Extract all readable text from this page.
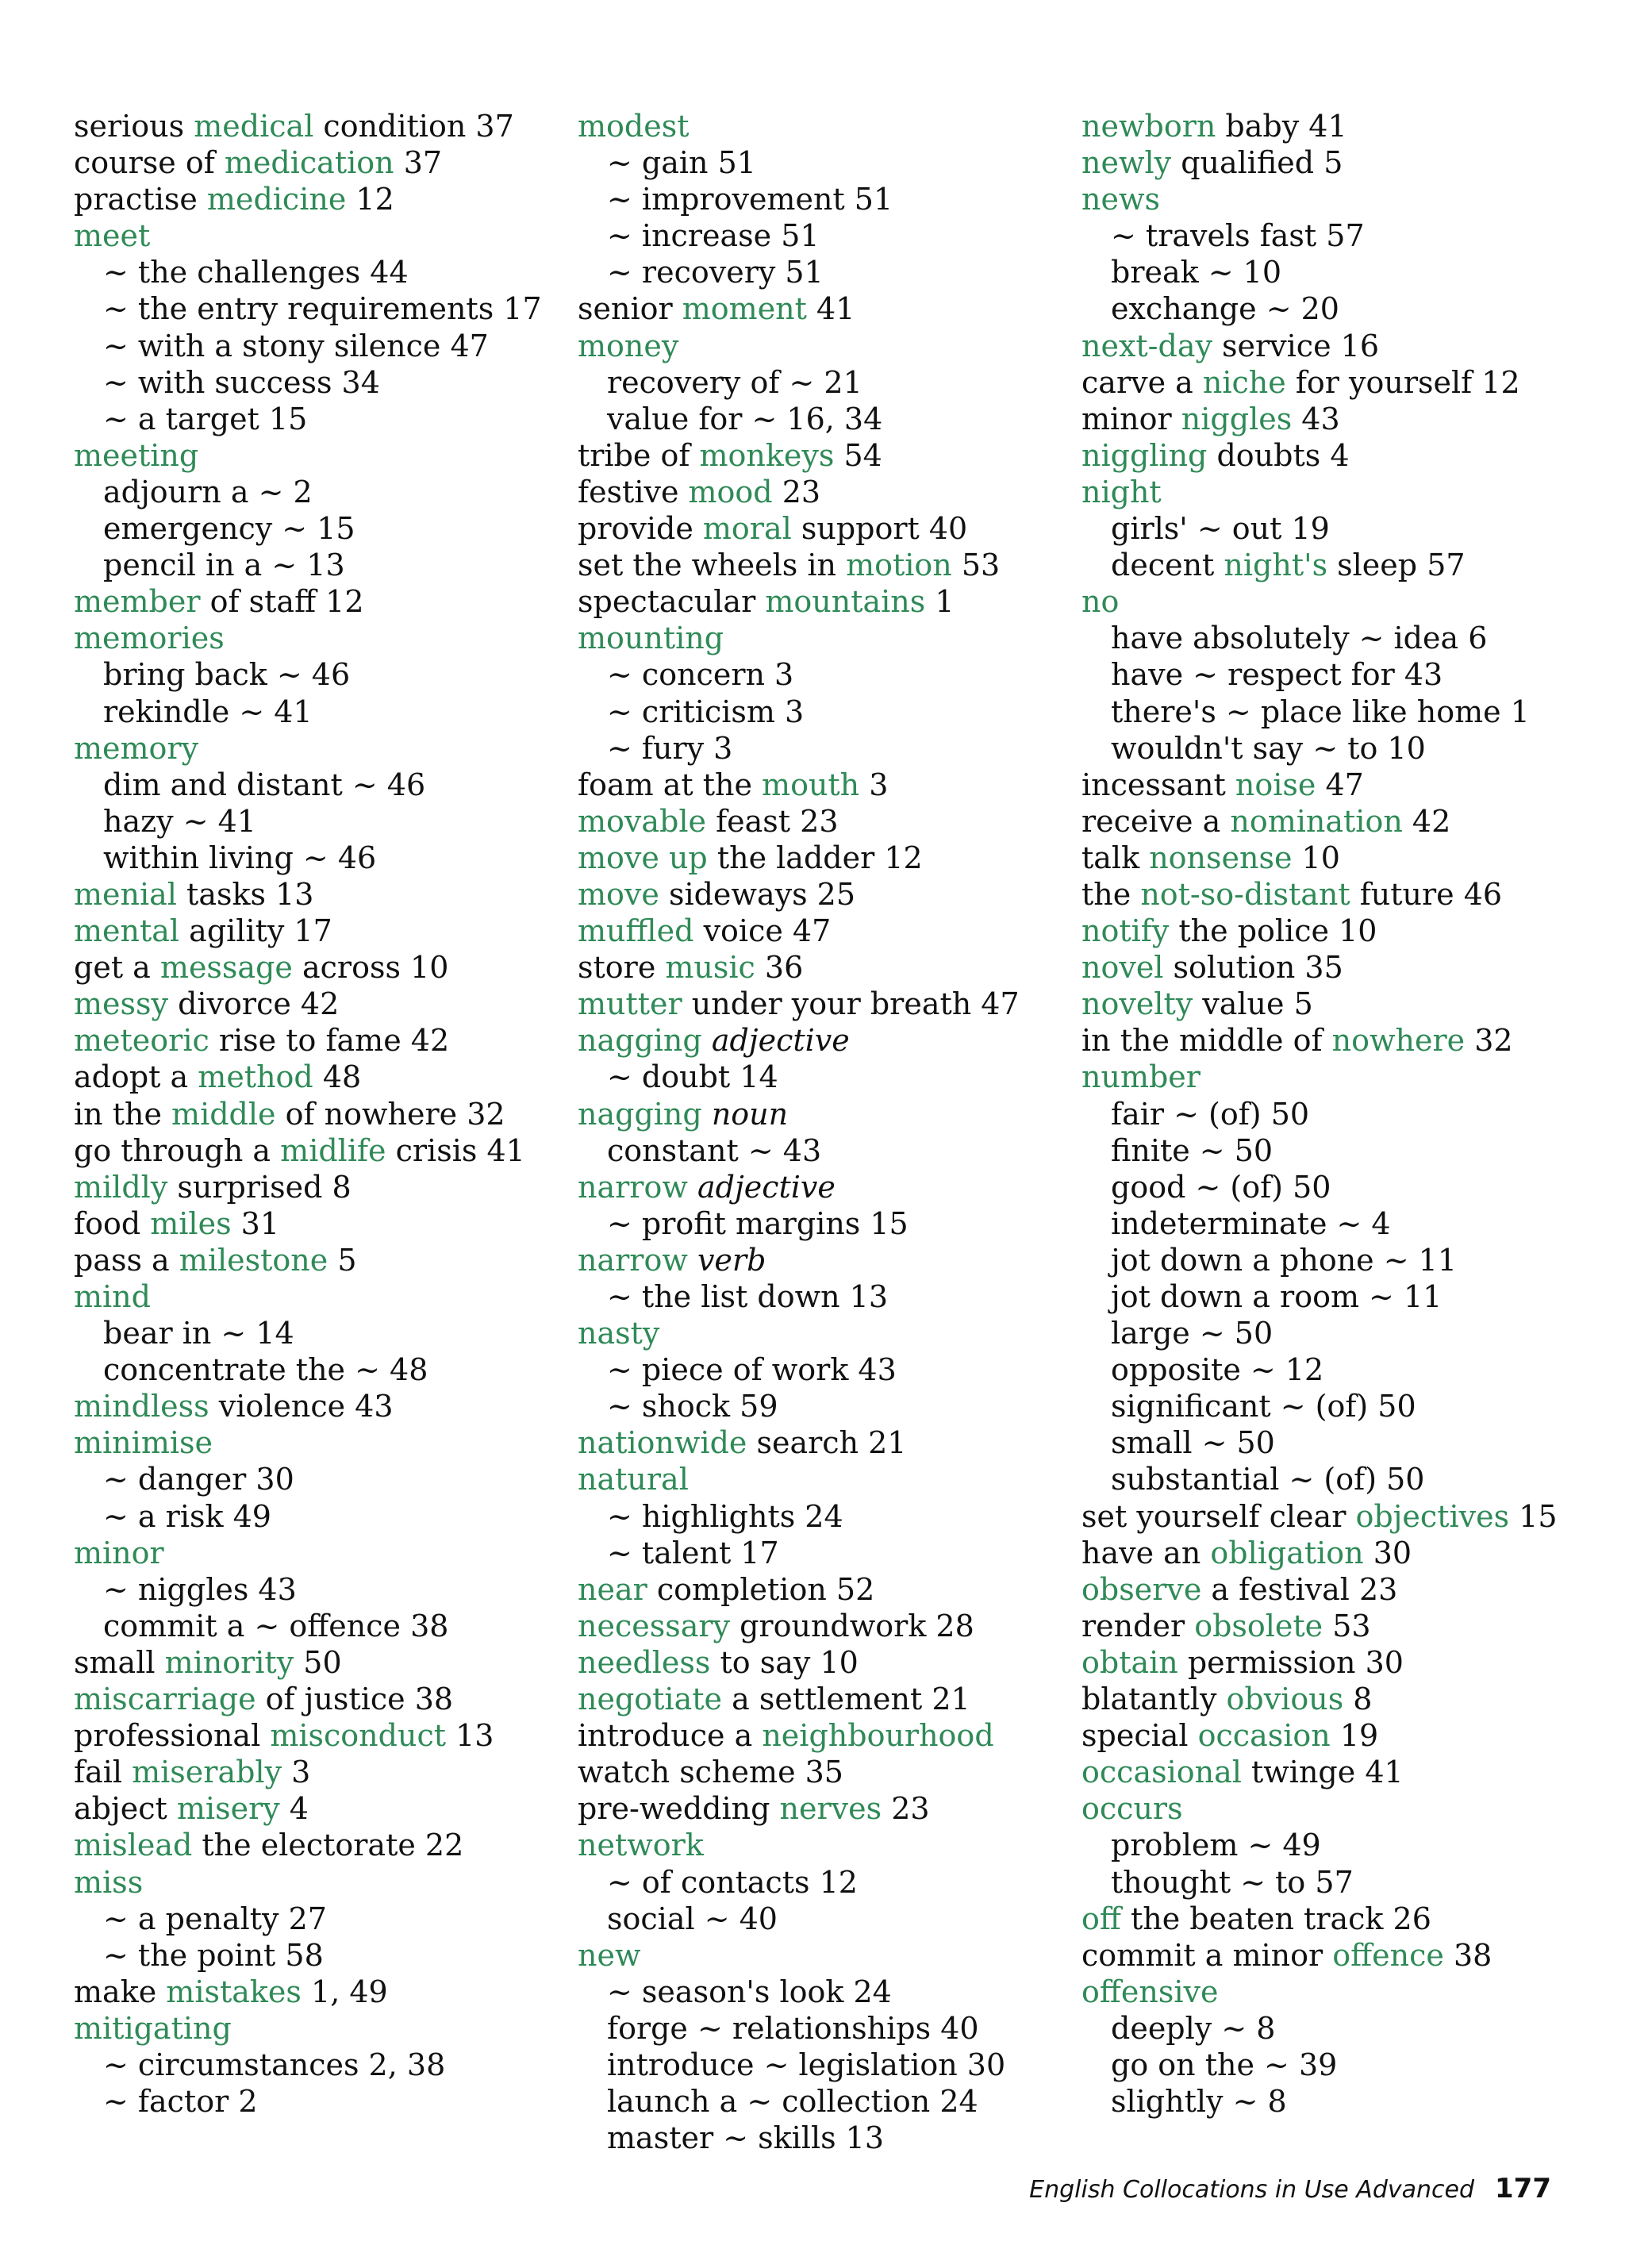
serious medical condition 37
course of medication 37
practise medicine 12
meet
~ the challenges 44
~ the entry requirements 17
~ with a stony silence 47
~ with success 34
~ a target 15
meeting
adjourn a ~ 2
emergency ~ 15
pencil in a ~ 13
member of staff 12
memories
bring back ~ 46
rekindle ~ 41
memory
dim and distant ~ 46
hazy ~ 41
within living ~ 46
menial tasks 13
mental agility 17
get a message across 10
messy divorce 42
meteoric rise to fame 42
adopt a method 48
in the middle of nowhere 32
go through a midlife crisis 41
mildly surprised 8
food miles 31
pass a milestone 5
mind
bear in ~ 14
concentrate the ~ 48
mindless violence 43
minimise
~ danger 30
~ a risk 49
minor
~ niggles 43
commit a ~ offence 38
small minority 50
miscarriage of justice 38
professional misconduct 13
fail miserably 3
abject misery 4
mislead the electorate 22
miss
~ a penalty 27
~ the point 58
make mistakes 1, 49
mitigating
~ circumstances 2, 38
~ factor 2
modest
~ gain 51
~ improvement 51
~ increase 51
~ recovery 51
senior moment 41
money
recovery of ~ 21
value for ~ 16, 34
tribe of monkeys 54
festive mood 23
provide moral support 40
set the wheels in motion 53
spectacular mountains 1
mounting
~ concern 3
~ criticism 3
~ fury 3
foam at the mouth 3
movable feast 23
move up the ladder 12
move sideways 25
muffled voice 47
store music 36
mutter under your breath 47
nagging adjective
~ doubt 14
nagging noun
constant ~ 43
narrow adjective
~ profit margins 15
narrow verb
~ the list down 13
nasty
~ piece of work 43
~ shock 59
nationwide search 21
natural
~ highlights 24
~ talent 17
near completion 52
necessary groundwork 28
needless to say 10
negotiate a settlement 21
introduce a neighbourhood
watch scheme 35
pre-wedding nerves 23
network
~ of contacts 12
social ~ 40
new
~ season's look 24
forge ~ relationships 40
introduce ~ legislation 30
launch a ~ collection 24
master ~ skills 13
newborn baby 41
newly qualified 5
news
~ travels fast 57
break ~ 10
exchange ~ 20
next-day service 16
carve a niche for yourself 12
minor niggles 43
niggling doubts 4
night
girls' ~ out 19
decent night's sleep 57
no
have absolutely ~ idea 6
have ~ respect for 43
there's ~ place like home 1
wouldn't say ~ to 10
incessant noise 47
receive a nomination 42
talk nonsense 10
the not-so-distant future 46
notify the police 10
novel solution 35
novelty value 5
in the middle of nowhere 32
number
fair ~ (of) 50
finite ~ 50
good ~ (of) 50
indeterminate ~ 4
jot down a phone ~ 11
jot down a room ~ 11
large ~ 50
opposite ~ 12
significant ~ (of) 50
small ~ 50
substantial ~ (of) 50
set yourself clear objectives 15
have an obligation 30
observe a festival 23
render obsolete 53
obtain permission 30
blatantly obvious 8
special occasion 19
occasional twinge 41
occurs
problem ~ 49
thought ~ to 57
off the beaten track 26
commit a minor offence 38
offensive
deeply ~ 8
go on the ~ 39
slightly ~ 8
English Collocations in Use Advanced 177
